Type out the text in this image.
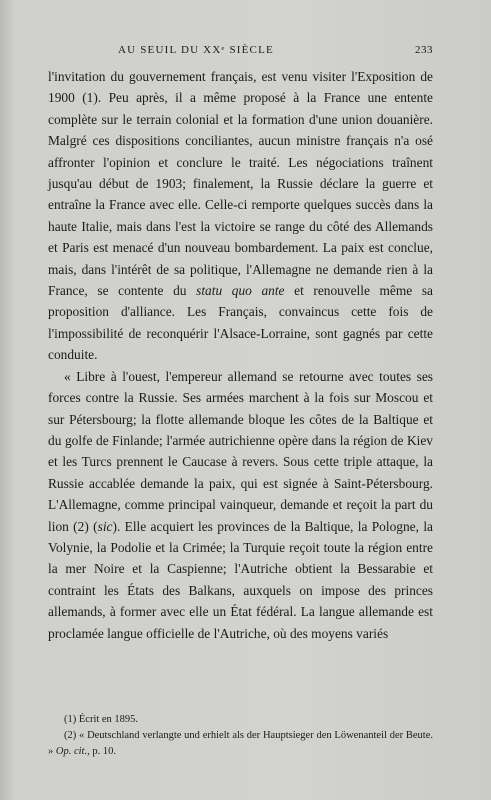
AU SEUIL DU XXᵉ SIÈCLE	233

l'invitation du gouvernement français, est venu visiter l'Exposition de 1900 (1). Peu après, il a même proposé à la France une entente complète sur le terrain colonial et la formation d'une union douanière. Malgré ces dispositions conciliantes, aucun ministre français n'a osé affronter l'opinion et conclure le traité. Les négociations traînent jusqu'au début de 1903; finalement, la Russie déclare la guerre et entraîne la France avec elle. Celle-ci remporte quelques succès dans la haute Italie, mais dans l'est la victoire se range du côté des Allemands et Paris est menacé d'un nouveau bombardement. La paix est conclue, mais, dans l'intérêt de sa politique, l'Allemagne ne demande rien à la France, se contente du statu quo ante et renouvelle même sa proposition d'alliance. Les Français, convaincus cette fois de l'impossibilité de reconquérir l'Alsace-Lorraine, sont gagnés par cette conduite.

« Libre à l'ouest, l'empereur allemand se retourne avec toutes ses forces contre la Russie. Ses armées marchent à la fois sur Moscou et sur Pétersbourg; la flotte allemande bloque les côtes de la Baltique et du golfe de Finlande; l'armée autrichienne opère dans la région de Kiev et les Turcs prennent le Caucase à revers. Sous cette triple attaque, la Russie accablée demande la paix, qui est signée à Saint-Pétersbourg. L'Allemagne, comme principal vainqueur, demande et reçoit la part du lion (2) (sic). Elle acquiert les provinces de la Baltique, la Pologne, la Volynie, la Podolie et la Crimée; la Turquie reçoit toute la région entre la mer Noire et la Caspienne; l'Autriche obtient la Bessarabie et contraint les États des Balkans, auxquels on impose des princes allemands, à former avec elle un État fédéral. La langue allemande est proclamée langue officielle de l'Autriche, où des moyens variés

(1) Écrit en 1895.

(2) « Deutschland verlangte und erhielt als der Hauptsieger den Löwenanteil der Beute. » Op. cit., p. 10.
